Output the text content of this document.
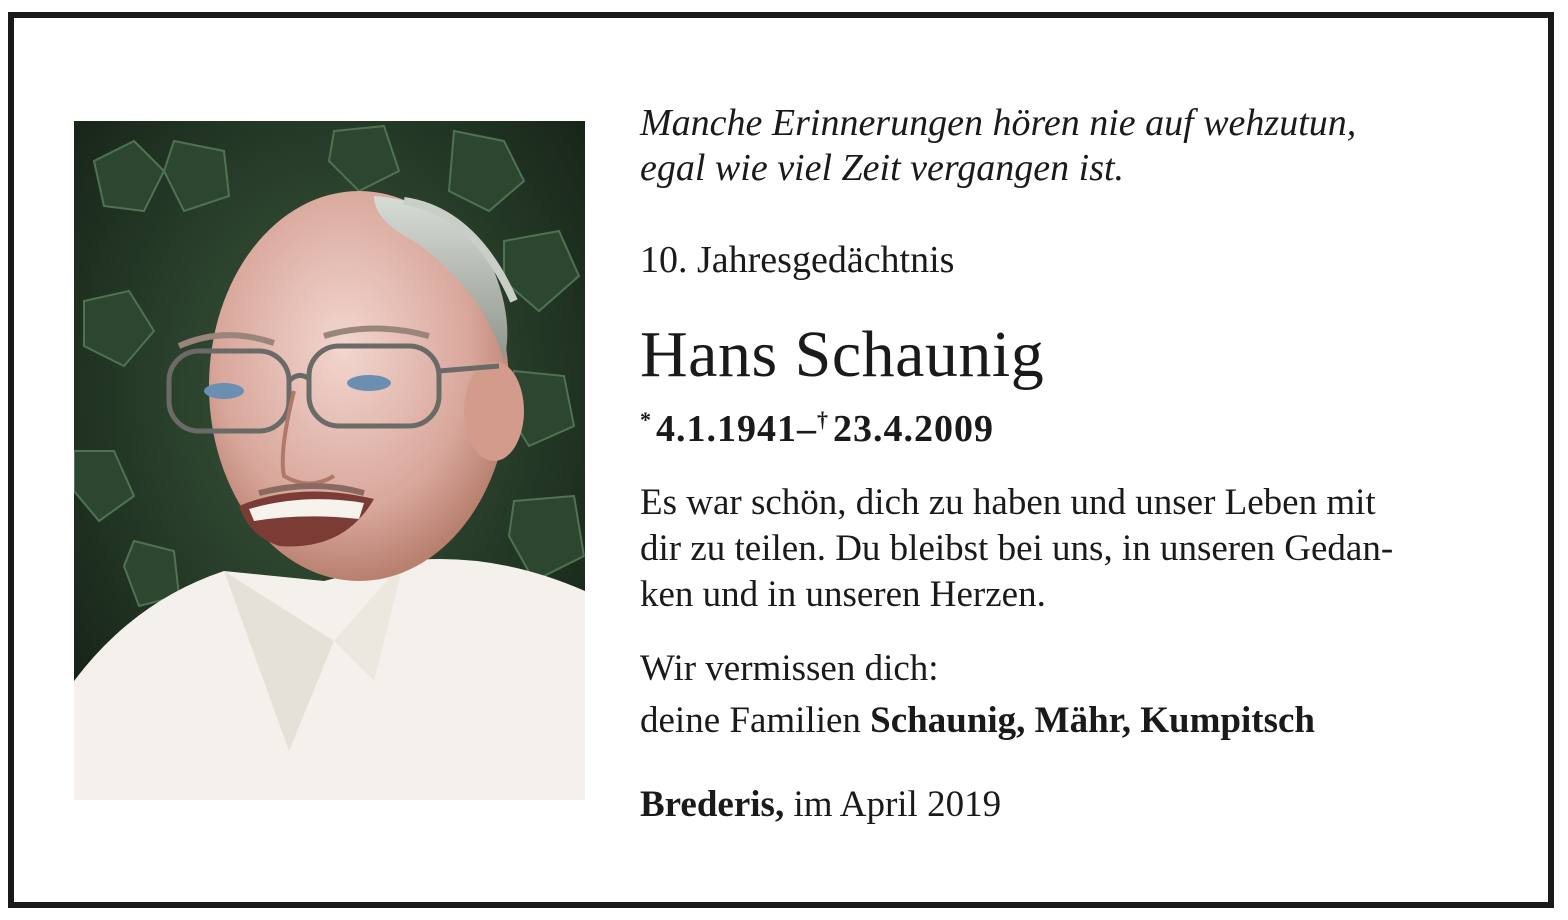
Manche Erinnerungen hören nie auf wehzutun,
egal wie viel Zeit vergangen ist.
10. Jahresgedächtnis
Hans Schaunig
* 4.1.1941–† 23.4.2009
Es war schön, dich zu haben und unser Leben mit
dir zu teilen. Du bleibst bei uns, in unseren Gedan-
ken und in unseren Herzen.
Wir vermissen dich:
deine Familien Schaunig, Mähr, Kumpitsch
Brederis, im April 2019
